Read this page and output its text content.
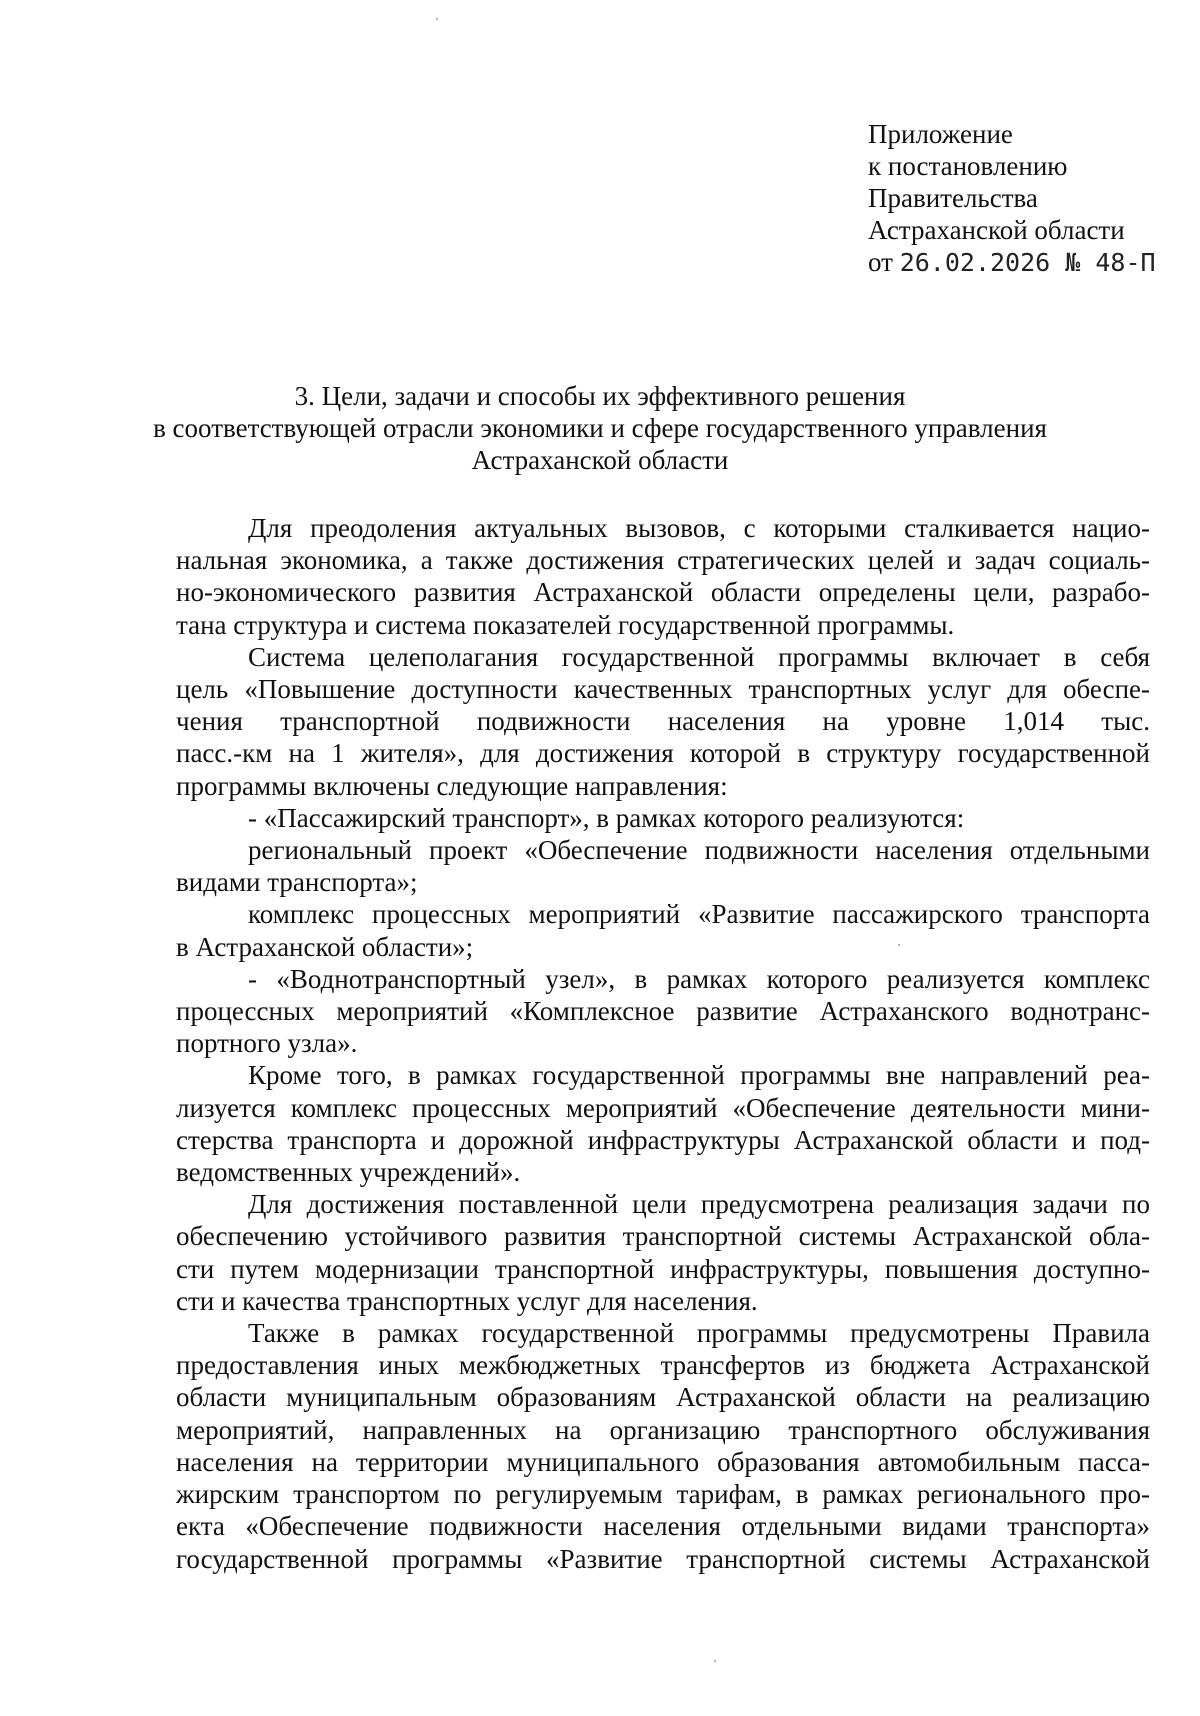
Приложение
к постановлению
Правительства
Астраханской области
от 26.02.2026 № 48-П
3. Цели, задачи и способы их эффективного решения
в соответствующей отрасли экономики и сфере государственного управления
Астраханской области
Для преодоления актуальных вызовов, с которыми сталкивается нацио-
нальная экономика, а также достижения стратегических целей и задач социаль-
но-экономического развития Астраханской области определены цели, разрабо-
тана структура и система показателей государственной программы.
Система целеполагания государственной программы включает в себя
цель «Повышение доступности качественных транспортных услуг для обеспе-
чения транспортной подвижности населения на уровне 1,014 тыс.
пасс.-км на 1 жителя», для достижения которой в структуру государственной
программы включены следующие направления:
- «Пассажирский транспорт», в рамках которого реализуются:
региональный проект «Обеспечение подвижности населения отдельными
видами транспорта»;
комплекс процессных мероприятий «Развитие пассажирского транспорта
в Астраханской области»;
- «Воднотранспортный узел», в рамках которого реализуется комплекс
процессных мероприятий «Комплексное развитие Астраханского воднотранс-
портного узла».
Кроме того, в рамках государственной программы вне направлений реа-
лизуется комплекс процессных мероприятий «Обеспечение деятельности мини-
стерства транспорта и дорожной инфраструктуры Астраханской области и под-
ведомственных учреждений».
Для достижения поставленной цели предусмотрена реализация задачи по
обеспечению устойчивого развития транспортной системы Астраханской обла-
сти путем модернизации транспортной инфраструктуры, повышения доступно-
сти и качества транспортных услуг для населения.
Также в рамках государственной программы предусмотрены Правила
предоставления иных межбюджетных трансфертов из бюджета Астраханской
области муниципальным образованиям Астраханской области на реализацию
мероприятий, направленных на организацию транспортного обслуживания
населения на территории муниципального образования автомобильным пасса-
жирским транспортом по регулируемым тарифам, в рамках регионального про-
екта «Обеспечение подвижности населения отдельными видами транспорта»
государственной программы «Развитие транспортной системы Астраханской
